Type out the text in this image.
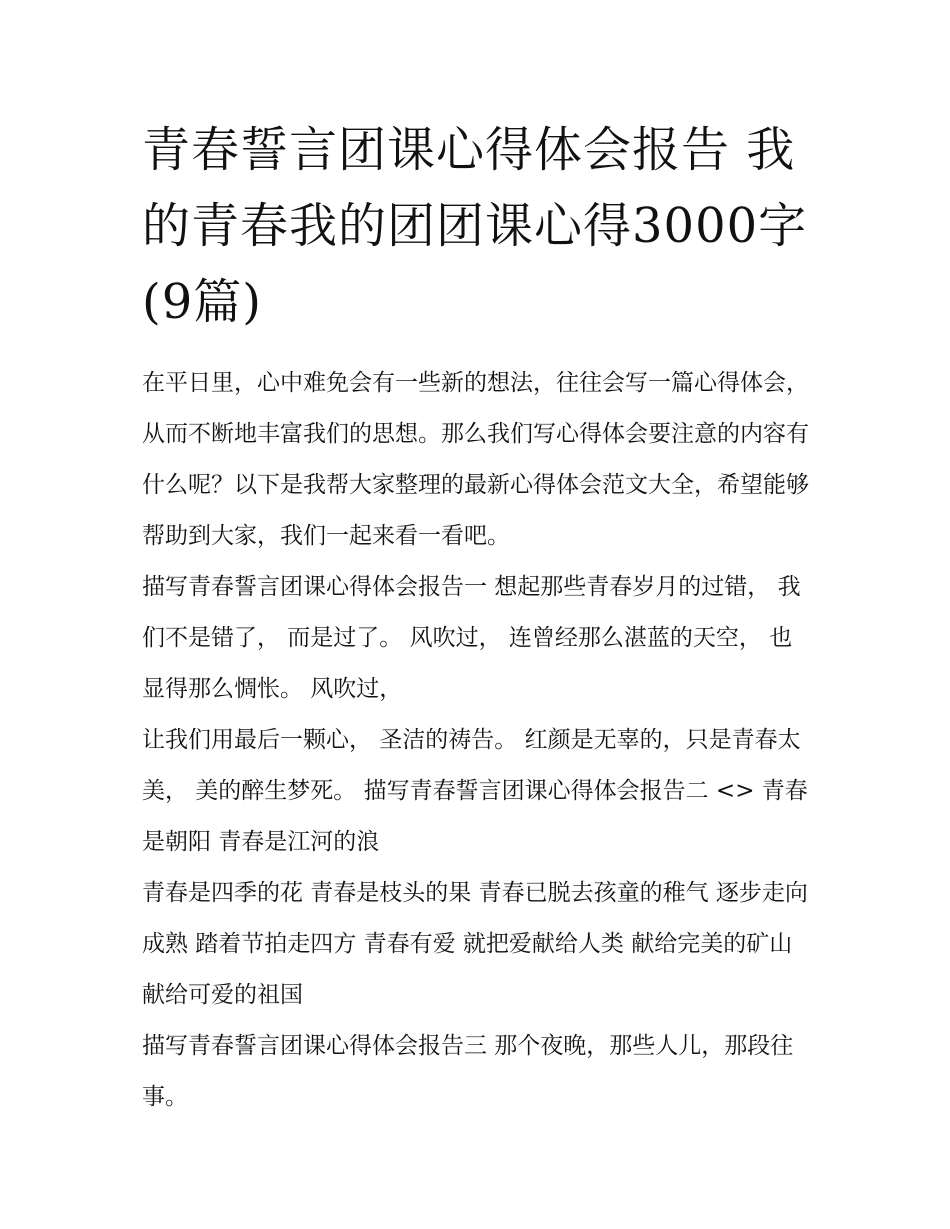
青春誓言团课心得体会报告 我的青春我的团团课心得3000字(9篇)

在平日里，心中难免会有一些新的想法，往往会写一篇心得体会，从而不断地丰富我们的思想。那么我们写心得体会要注意的内容有什么呢？以下是我帮大家整理的最新心得体会范文大全，希望能够帮助到大家，我们一起来看一看吧。

描写青春誓言团课心得体会报告一 想起那些青春岁月的过错， 我们不是错了， 而是过了。 风吹过， 连曾经那么湛蓝的天空， 也显得那么惆怅。 风吹过，

让我们用最后一颗心， 圣洁的祷告。 红颜是无辜的，只是青春太美， 美的醉生梦死。 描写青春誓言团课心得体会报告二 <> 青春是朝阳 青春是江河的浪

青春是四季的花 青春是枝头的果 青春已脱去孩童的稚气 逐步走向成熟 踏着节拍走四方 青春有爱 就把爱献给人类 献给完美的矿山 献给可爱的祖国

描写青春誓言团课心得体会报告三 那个夜晚，那些人儿，那段往事。
